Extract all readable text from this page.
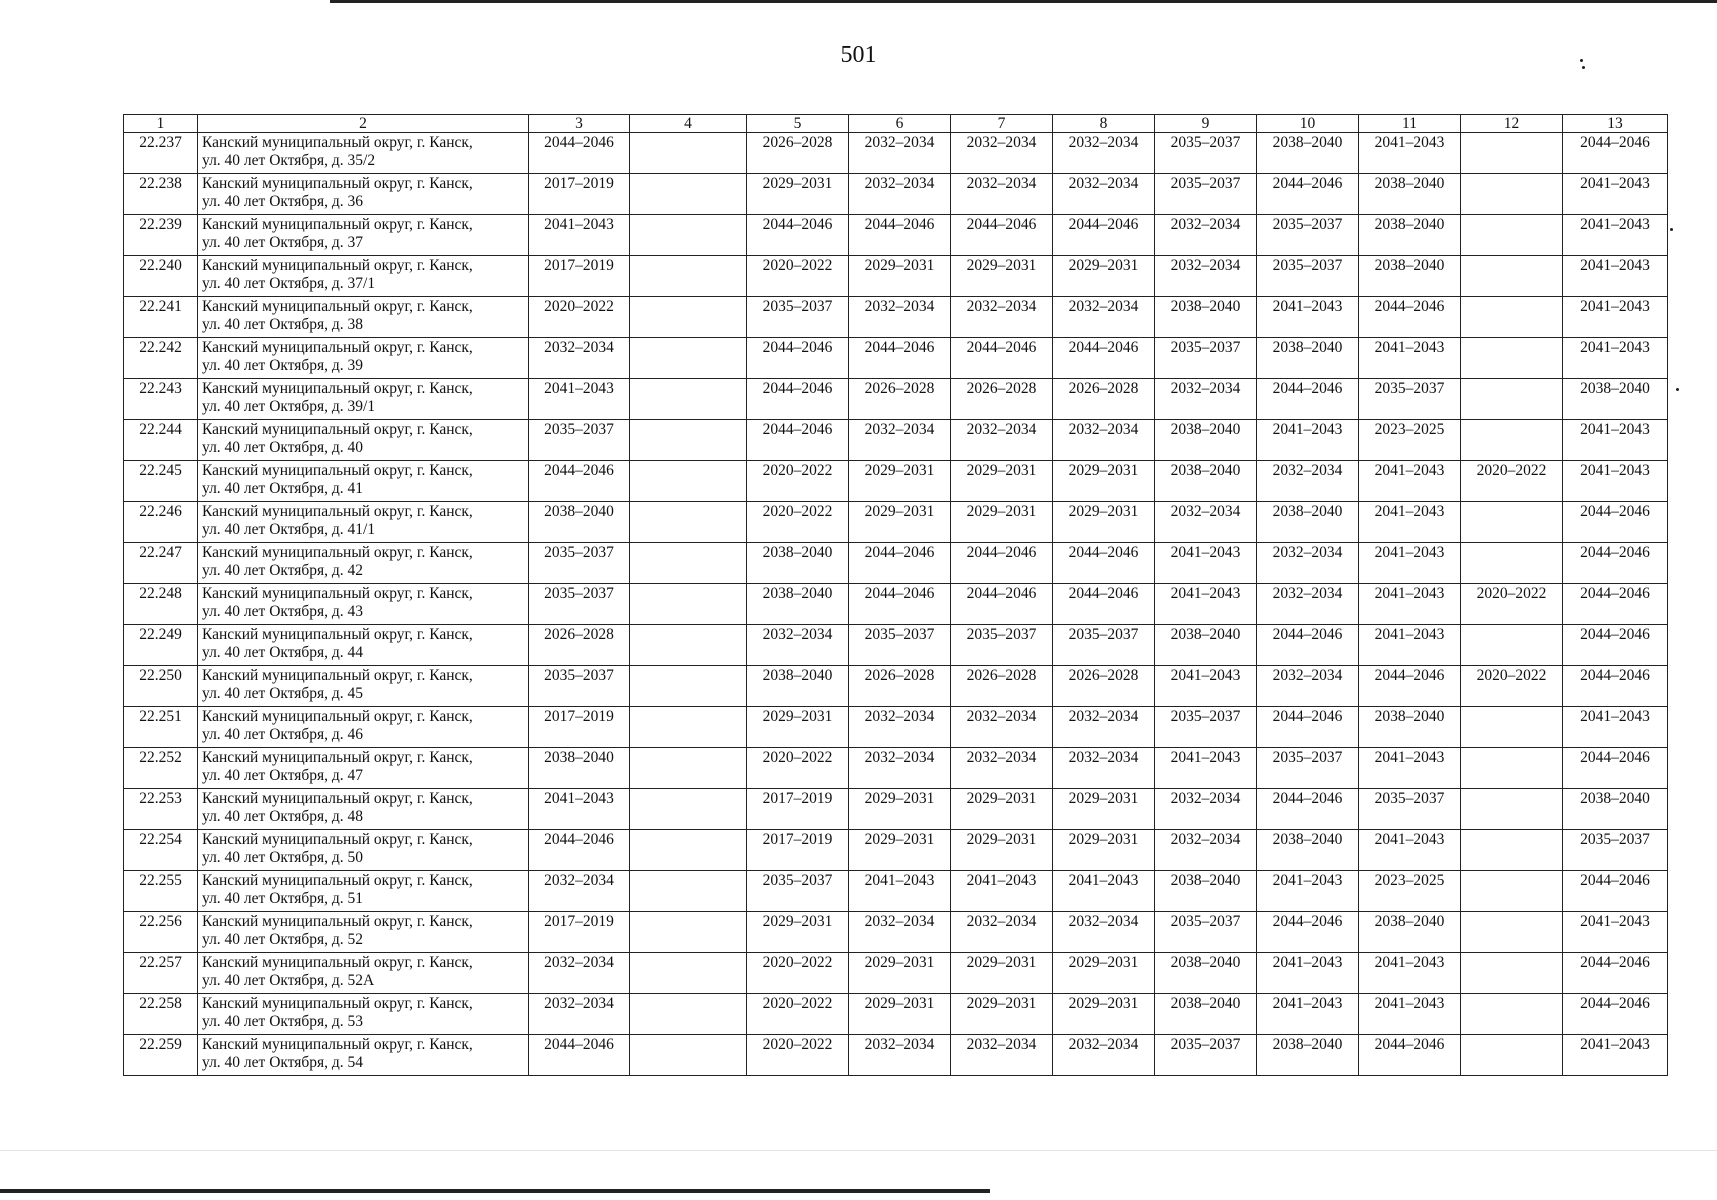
501
1	2	3	4	5	6	7	8	9	10	11	12	13
22.237	Канский муниципальный округ, г. Канск,
ул. 40 лет Октября, д. 35/2	2044–2046		2026–2028	2032–2034	2032–2034	2032–2034	2035–2037	2038–2040	2041–2043		2044–2046
22.238	Канский муниципальный округ, г. Канск,
ул. 40 лет Октября, д. 36	2017–2019		2029–2031	2032–2034	2032–2034	2032–2034	2035–2037	2044–2046	2038–2040		2041–2043
22.239	Канский муниципальный округ, г. Канск,
ул. 40 лет Октября, д. 37	2041–2043		2044–2046	2044–2046	2044–2046	2044–2046	2032–2034	2035–2037	2038–2040		2041–2043
22.240	Канский муниципальный округ, г. Канск,
ул. 40 лет Октября, д. 37/1	2017–2019		2020–2022	2029–2031	2029–2031	2029–2031	2032–2034	2035–2037	2038–2040		2041–2043
22.241	Канский муниципальный округ, г. Канск,
ул. 40 лет Октября, д. 38	2020–2022		2035–2037	2032–2034	2032–2034	2032–2034	2038–2040	2041–2043	2044–2046		2041–2043
22.242	Канский муниципальный округ, г. Канск,
ул. 40 лет Октября, д. 39	2032–2034		2044–2046	2044–2046	2044–2046	2044–2046	2035–2037	2038–2040	2041–2043		2041–2043
22.243	Канский муниципальный округ, г. Канск,
ул. 40 лет Октября, д. 39/1	2041–2043		2044–2046	2026–2028	2026–2028	2026–2028	2032–2034	2044–2046	2035–2037		2038–2040
22.244	Канский муниципальный округ, г. Канск,
ул. 40 лет Октября, д. 40	2035–2037		2044–2046	2032–2034	2032–2034	2032–2034	2038–2040	2041–2043	2023–2025		2041–2043
22.245	Канский муниципальный округ, г. Канск,
ул. 40 лет Октября, д. 41	2044–2046		2020–2022	2029–2031	2029–2031	2029–2031	2038–2040	2032–2034	2041–2043	2020–2022	2041–2043
22.246	Канский муниципальный округ, г. Канск,
ул. 40 лет Октября, д. 41/1	2038–2040		2020–2022	2029–2031	2029–2031	2029–2031	2032–2034	2038–2040	2041–2043		2044–2046
22.247	Канский муниципальный округ, г. Канск,
ул. 40 лет Октября, д. 42	2035–2037		2038–2040	2044–2046	2044–2046	2044–2046	2041–2043	2032–2034	2041–2043		2044–2046
22.248	Канский муниципальный округ, г. Канск,
ул. 40 лет Октября, д. 43	2035–2037		2038–2040	2044–2046	2044–2046	2044–2046	2041–2043	2032–2034	2041–2043	2020–2022	2044–2046
22.249	Канский муниципальный округ, г. Канск,
ул. 40 лет Октября, д. 44	2026–2028		2032–2034	2035–2037	2035–2037	2035–2037	2038–2040	2044–2046	2041–2043		2044–2046
22.250	Канский муниципальный округ, г. Канск,
ул. 40 лет Октября, д. 45	2035–2037		2038–2040	2026–2028	2026–2028	2026–2028	2041–2043	2032–2034	2044–2046	2020–2022	2044–2046
22.251	Канский муниципальный округ, г. Канск,
ул. 40 лет Октября, д. 46	2017–2019		2029–2031	2032–2034	2032–2034	2032–2034	2035–2037	2044–2046	2038–2040		2041–2043
22.252	Канский муниципальный округ, г. Канск,
ул. 40 лет Октября, д. 47	2038–2040		2020–2022	2032–2034	2032–2034	2032–2034	2041–2043	2035–2037	2041–2043		2044–2046
22.253	Канский муниципальный округ, г. Канск,
ул. 40 лет Октября, д. 48	2041–2043		2017–2019	2029–2031	2029–2031	2029–2031	2032–2034	2044–2046	2035–2037		2038–2040
22.254	Канский муниципальный округ, г. Канск,
ул. 40 лет Октября, д. 50	2044–2046		2017–2019	2029–2031	2029–2031	2029–2031	2032–2034	2038–2040	2041–2043		2035–2037
22.255	Канский муниципальный округ, г. Канск,
ул. 40 лет Октября, д. 51	2032–2034		2035–2037	2041–2043	2041–2043	2041–2043	2038–2040	2041–2043	2023–2025		2044–2046
22.256	Канский муниципальный округ, г. Канск,
ул. 40 лет Октября, д. 52	2017–2019		2029–2031	2032–2034	2032–2034	2032–2034	2035–2037	2044–2046	2038–2040		2041–2043
22.257	Канский муниципальный округ, г. Канск,
ул. 40 лет Октября, д. 52А	2032–2034		2020–2022	2029–2031	2029–2031	2029–2031	2038–2040	2041–2043	2041–2043		2044–2046
22.258	Канский муниципальный округ, г. Канск,
ул. 40 лет Октября, д. 53	2032–2034		2020–2022	2029–2031	2029–2031	2029–2031	2038–2040	2041–2043	2041–2043		2044–2046
22.259	Канский муниципальный округ, г. Канск,
ул. 40 лет Октября, д. 54	2044–2046		2020–2022	2032–2034	2032–2034	2032–2034	2035–2037	2038–2040	2044–2046		2041–2043
